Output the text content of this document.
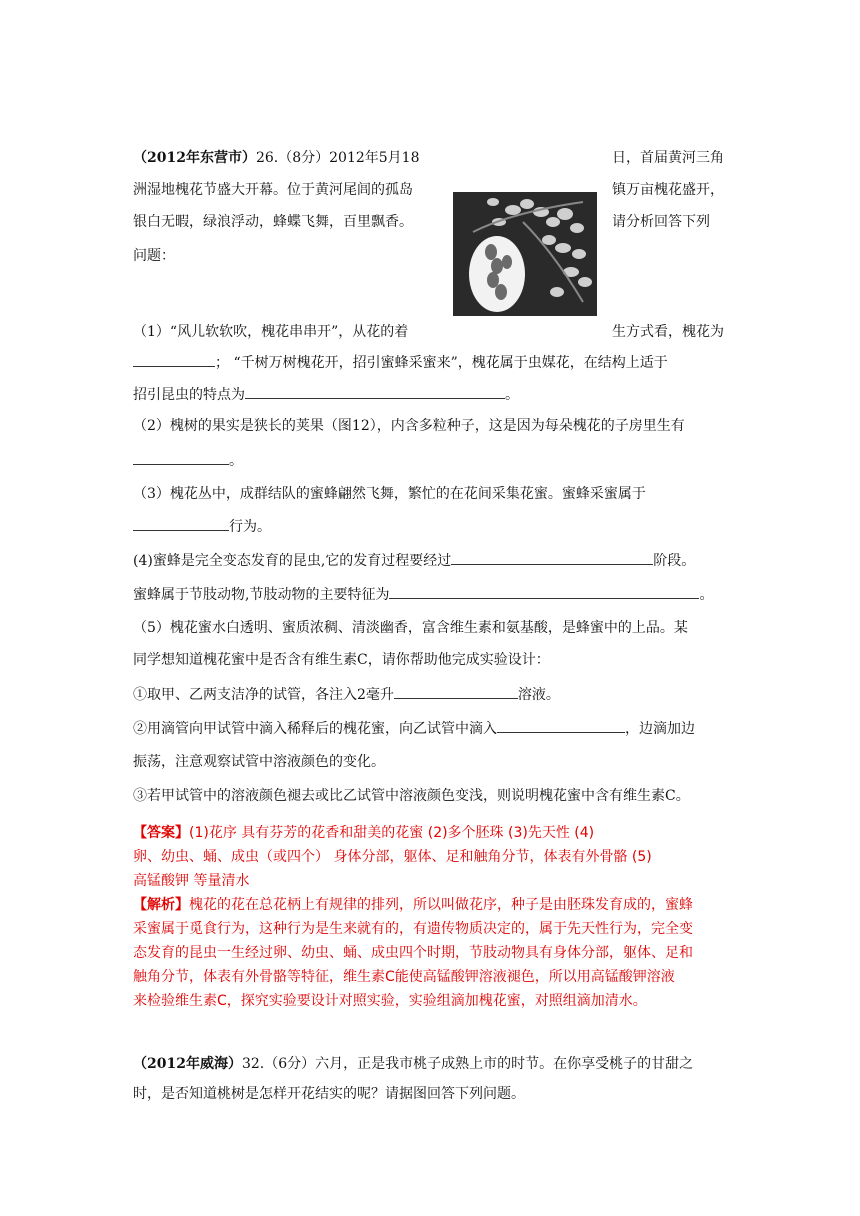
（2012年东营市）26.（8分）2012年5月18	日，首届黄河三角
洲湿地槐花节盛大开幕。位于黄河尾闾的孤岛	镇万亩槐花盛开，
银白无暇，绿浪浮动，蜂蝶飞舞，百里飘香。	请分析回答下列
问题：
（1）“风儿软软吹，槐花串串开”，从花的着	生方式看，槐花为
； “千树万树槐花开，招引蜜蜂采蜜来”，槐花属于虫媒花，在结构上适于
招引昆虫的特点为	。
（2）槐树的果实是狭长的荚果（图12），内含多粒种子，这是因为每朵槐花的子房里生有
。
（3）槐花丛中，成群结队的蜜蜂翩然飞舞，繁忙的在花间采集花蜜。蜜蜂采蜜属于
行为。
(4)蜜蜂是完全变态发育的昆虫,它的发育过程要经过	阶段。
蜜蜂属于节肢动物,节肢动物的主要特征为	。
（5）槐花蜜水白透明、蜜质浓稠、清淡幽香，富含维生素和氨基酸，是蜂蜜中的上品。某
同学想知道槐花蜜中是否含有维生素C，请你帮助他完成实验设计：
①取甲、乙两支洁净的试管，各注入2毫升	溶液。
②用滴管向甲试管中滴入稀释后的槐花蜜，向乙试管中滴入	，边滴加边
振荡，注意观察试管中溶液颜色的变化。
③若甲试管中的溶液颜色褪去或比乙试管中溶液颜色变浅，则说明槐花蜜中含有维生素C。
【答案】(1)花序 具有芬芳的花香和甜美的花蜜 (2)多个胚珠 (3)先天性 (4)
卵、幼虫、蛹、成虫（或四个） 身体分部，躯体、足和触角分节，体表有外骨骼 (5)
高锰酸钾 等量清水
【解析】槐花的花在总花柄上有规律的排列，所以叫做花序，种子是由胚珠发育成的，蜜蜂
采蜜属于觅食行为，这种行为是生来就有的，有遗传物质决定的，属于先天性行为，完全变
态发育的昆虫一生经过卵、幼虫、蛹、成虫四个时期，节肢动物具有身体分部，躯体、足和
触角分节，体表有外骨骼等特征，维生素C能使高锰酸钾溶液褪色，所以用高锰酸钾溶液
来检验维生素C，探究实验要设计对照实验，实验组滴加槐花蜜，对照组滴加清水。
（2012年威海）32.（6分）六月，正是我市桃子成熟上市的时节。在你享受桃子的甘甜之
时，是否知道桃树是怎样开花结实的呢？请据图回答下列问题。
